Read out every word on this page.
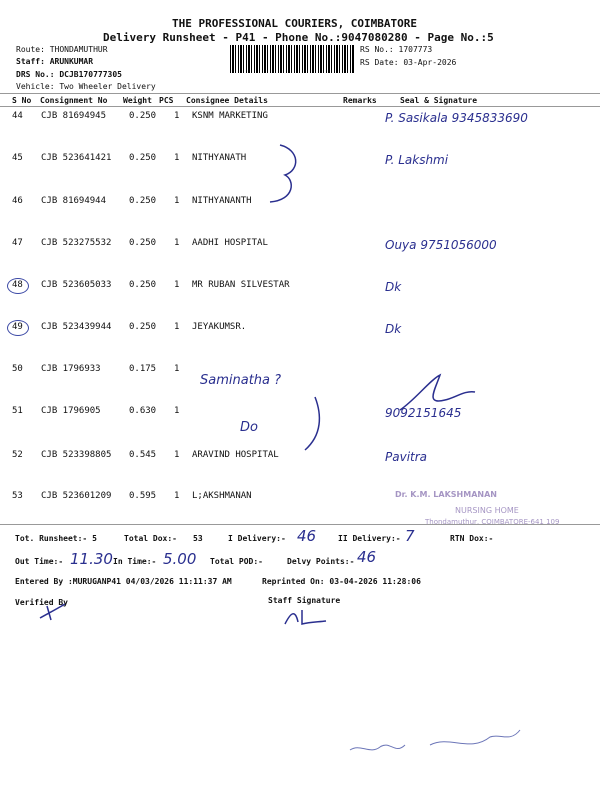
THE PROFESSIONAL COURIERS, COIMBATORE
Delivery Runsheet - P41 - Phone No.:9047080280 - Page No.:5
Route: THONDAMUTHUR
Staff: ARUNKUMAR
DRS No.: DCJB170777305
Vehicle: Two Wheeler Delivery
RS No.: 1707773
RS Date: 03-Apr-2026
S No Consignment No Weight PCS Consignee Details	Remarks	Seal & Signature
44 CJB 81694945	0.250 1 KSNM MARKETING	P. Sasikala 9345833690
45 CJB 523641421 0.250 1 NITHYANATH	P. Lakshmi
46 CJB 81694944	0.250 1 NITHYANANTH
47 CJB 523275532 0.250 1 AADHI HOSPITAL	Ouya 9751056000
48 CJB 523605033 0.250 1 MR RUBAN SILVESTAR	Dk
49 CJB 523439944 0.250 1 JEYAKUMSR.	Dk
50 CJB 1796933	0.175 1
51 CJB 1796905	0.630 1	9092151645
52 CJB 523398805 0.545 1 ARAVIND HOSPITAL	Pavitra
53 CJB 523601209 0.595 1 L;AKSHMANAN
Saminatha ?
Do
Dr. K.M. LAKSHMANAN
NURSING HOME
Thondamuthur, COIMBATORE-641 109
Tot. Runsheet:- 5	Total Dox:- 53	I Delivery:- 46	II Delivery:- 7	RTN Dox:-
Out Time:- 11.30 In Time:- 5.00 Total POD:-	Delvy Points:- 46
Entered By :MURUGANP41 04/03/2026 11:11:37 AM	Reprinted On: 03-04-2026 11:28:06
Verified By	Staff Signature
